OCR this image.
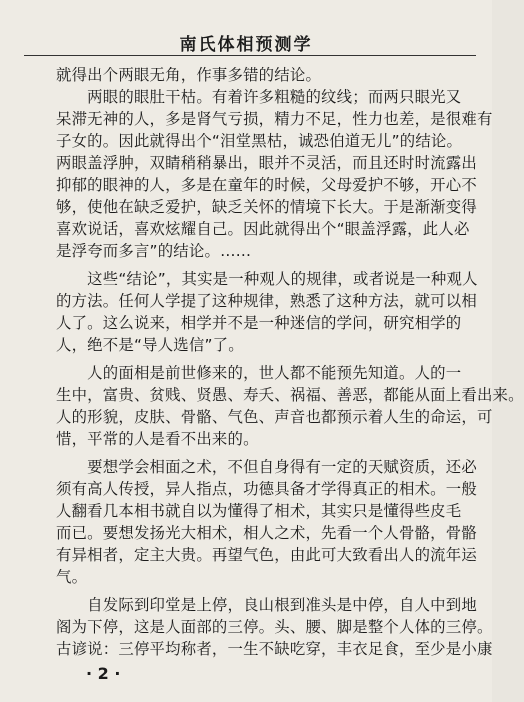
南氏体相预测学
就得出个两眼无角，作事多错的结论。
　　两眼的眼肚干枯。有着许多粗糙的纹线；而两只眼光又
呆滞无神的人，多是肾气亏损，精力不足，性力也差，是很难有
子女的。因此就得出个“泪堂黑枯，诚恐伯道无儿”的结论。
两眼盖浮肿，双睛稍稍暴出，眼并不灵活，而且还时时流露出
抑郁的眼神的人，多是在童年的时候，父母爱护不够，开心不
够，使他在缺乏爱护，缺乏关怀的情境下长大。于是渐渐变得
喜欢说话，喜欢炫耀自己。因此就得出个“眼盖浮露，此人必
是浮夸而多言”的结论。……
　　这些“结论”，其实是一种观人的规律，或者说是一种观人
的方法。任何人学提了这种规律，熟悉了这种方法，就可以相
人了。这么说来，相学并不是一种迷信的学问，研究相学的
人，绝不是“导人选信”了。
　　人的面相是前世修来的，世人都不能预先知道。人的一
生中，富贵、贫贱、贤愚、寿夭、祸福、善恶，都能从面上看出来。
人的形貌，皮肤、骨骼、气色、声音也都预示着人生的命运，可
惜，平常的人是看不出来的。
　　要想学会相面之术，不但自身得有一定的天赋资质，还必
须有高人传授，异人指点，功德具备才学得真正的相术。一般
人翻看几本相书就自以为懂得了相术，其实只是懂得些皮毛
而已。要想发扬光大相术，相人之术，先看一个人骨骼，骨骼
有异相者，定主大贵。再望气色，由此可大致看出人的流年运
气。
　　自发际到印堂是上停，良山根到准头是中停，自人中到地
阁为下停，这是人面部的三停。头、腰、脚是整个人体的三停。
古谚说：三停平均称者，一生不缺吃穿，丰衣足食，至少是小康
· 2 ·
